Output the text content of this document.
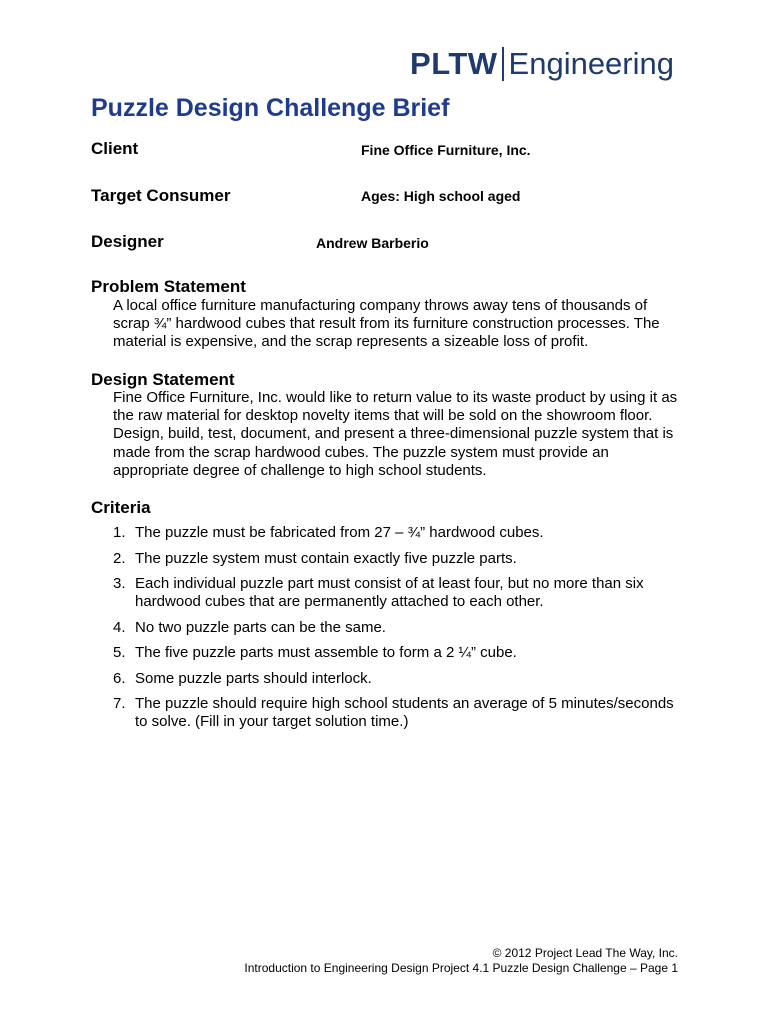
PLTW Engineering
Puzzle Design Challenge Brief
Client	Fine Office Furniture, Inc.
Target Consumer	Ages: High school aged
Designer	Andrew Barberio
Problem Statement
A local office furniture manufacturing company throws away tens of thousands of scrap ¾” hardwood cubes that result from its furniture construction processes. The material is expensive, and the scrap represents a sizeable loss of profit.
Design Statement
Fine Office Furniture, Inc. would like to return value to its waste product by using it as the raw material for desktop novelty items that will be sold on the showroom floor. Design, build, test, document, and present a three-dimensional puzzle system that is made from the scrap hardwood cubes. The puzzle system must provide an appropriate degree of challenge to high school students.
Criteria
1. The puzzle must be fabricated from 27 – ¾” hardwood cubes.
2. The puzzle system must contain exactly five puzzle parts.
3. Each individual puzzle part must consist of at least four, but no more than six hardwood cubes that are permanently attached to each other.
4. No two puzzle parts can be the same.
5. The five puzzle parts must assemble to form a 2 ¼” cube.
6. Some puzzle parts should interlock.
7. The puzzle should require high school students an average of 5 minutes/seconds to solve. (Fill in your target solution time.)
© 2012 Project Lead The Way, Inc.
Introduction to Engineering Design Project 4.1 Puzzle Design Challenge – Page 1
